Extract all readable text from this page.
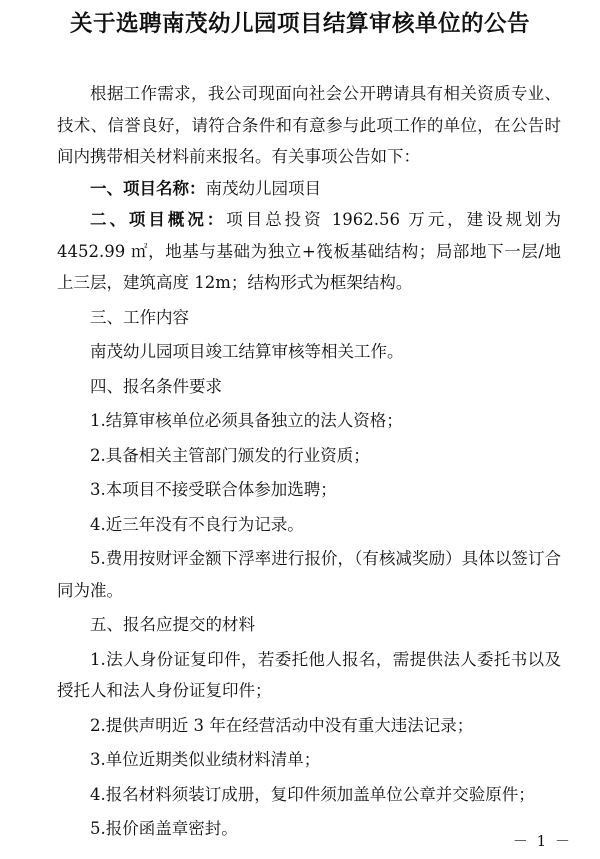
关于选聘南茂幼儿园项目结算审核单位的公告

根据工作需求，我公司现面向社会公开聘请具有相关资质专业、技术、信誉良好，请符合条件和有意参与此项工作的单位，在公告时间内携带相关材料前来报名。有关事项公告如下：

一、项目名称：南茂幼儿园项目

二、项目概况：项目总投资 1962.56 万元，建设规划为 4452.99 ㎡，地基与基础为独立+筏板基础结构；局部地下一层/地上三层，建筑高度 12m；结构形式为框架结构。

三、工作内容

南茂幼儿园项目竣工结算审核等相关工作。

四、报名条件要求

1.结算审核单位必须具备独立的法人资格；

2.具备相关主管部门颁发的行业资质；

3.本项目不接受联合体参加选聘；

4.近三年没有不良行为记录。

5.费用按财评金额下浮率进行报价，（有核减奖励）具体以签订合同为准。

五、报名应提交的材料

1.法人身份证复印件，若委托他人报名，需提供法人委托书以及授托人和法人身份证复印件；

2.提供声明近 3 年在经营活动中没有重大违法记录；

3.单位近期类似业绩材料清单；

4.报名材料须装订成册，复印件须加盖单位公章并交验原件；

5.报价函盖章密封。

－ 1 －
